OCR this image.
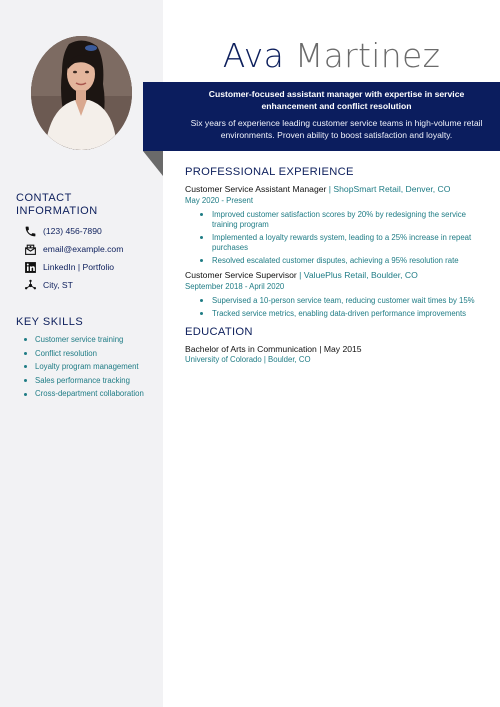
Ava Martinez
Customer-focused assistant manager with expertise in service enhancement and conflict resolution
Six years of experience leading customer service teams in high-volume retail environments. Proven ability to boost satisfaction and loyalty.
CONTACT
INFORMATION
(123) 456-7890
email@example.com
LinkedIn | Portfolio
City, ST
KEY SKILLS
Customer service training
Conflict resolution
Loyalty program management
Sales performance tracking
Cross-department collaboration
PROFESSIONAL EXPERIENCE
Customer Service Assistant Manager | ShopSmart Retail, Denver, CO
May 2020 - Present
Improved customer satisfaction scores by 20% by redesigning the service training program
Implemented a loyalty rewards system, leading to a 25% increase in repeat purchases
Resolved escalated customer disputes, achieving a 95% resolution rate
Customer Service Supervisor | ValuePlus Retail, Boulder, CO
September 2018 - April 2020
Supervised a 10-person service team, reducing customer wait times by 15%
Tracked service metrics, enabling data-driven performance improvements
EDUCATION
Bachelor of Arts in Communication | May 2015
University of Colorado | Boulder, CO
